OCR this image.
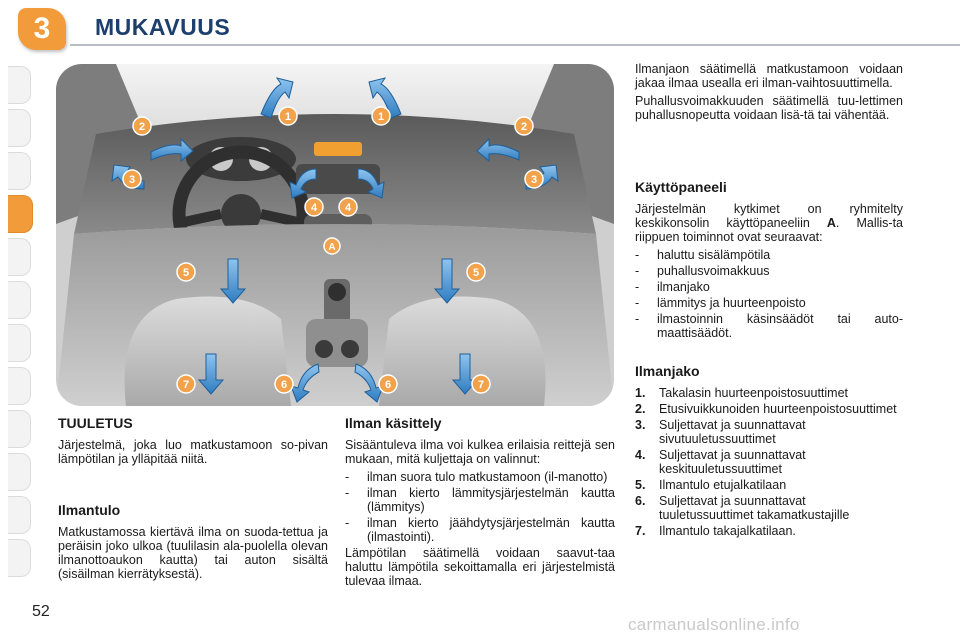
3	MUKAVUUS
1	1
2	2
3	3
4	4
5	5
6	6
7	7
A
TUULETUS

Järjestelmä, joka luo matkustamoon so-pivan lämpötilan ja ylläpitää niitä.

Ilmantulo

Matkustamossa kiertävä ilma on suoda-tettua ja peräisin joko ulkoa (tuulilasin ala-puolella olevan ilmanottoaukon kautta) tai auton sisältä (sisäilman kierrätyksestä).

Ilman käsittely

Sisääntuleva ilma voi kulkea erilaisia reittejä sen mukaan, mitä kuljettaja on valinnut:

- ilman suora tulo matkustamoon (il-manotto)
- ilman kierto lämmitysjärjestelmän kautta (lämmitys)
- ilman kierto jäähdytysjärjestelmän kautta (ilmastointi).

Lämpötilan säätimellä voidaan saavut-taa haluttu lämpötila sekoittamalla eri järjestelmistä tulevaa ilmaa.

Ilmanjaon säätimellä matkustamoon voidaan jakaa ilmaa usealla eri ilman-vaihtosuuttimella.

Puhallusvoimakkuuden säätimellä tuu-lettimen puhallusnopeutta voidaan lisä-tä tai vähentää.

Käyttöpaneeli

Järjestelmän kytkimet on ryhmitelty keskikonsolin käyttöpaneeliin A. Mallis-ta riippuen toiminnot ovat seuraavat:

- haluttu sisälämpötila
- puhallusvoimakkuus
- ilmanjako
- lämmitys ja huurteenpoisto
- ilmastoinnin käsinsäädöt tai auto-maattisäädöt.
Ilmanjako
1. Takalasin huurteenpoistosuuttimet
2. Etusivuikkunoiden huurteenpoistosuuttimet
3. Suljettavat ja suunnattavat sivutuuletussuuttimet
4. Suljettavat ja suunnattavat keskituuletussuuttimet
5. Ilmantulo etujalkatilaan
6. Suljettavat ja suunnattavat tuuletussuuttimet takamatkustajille
7. Ilmantulo takajalkatilaan.
52
carmanualsonline.info
